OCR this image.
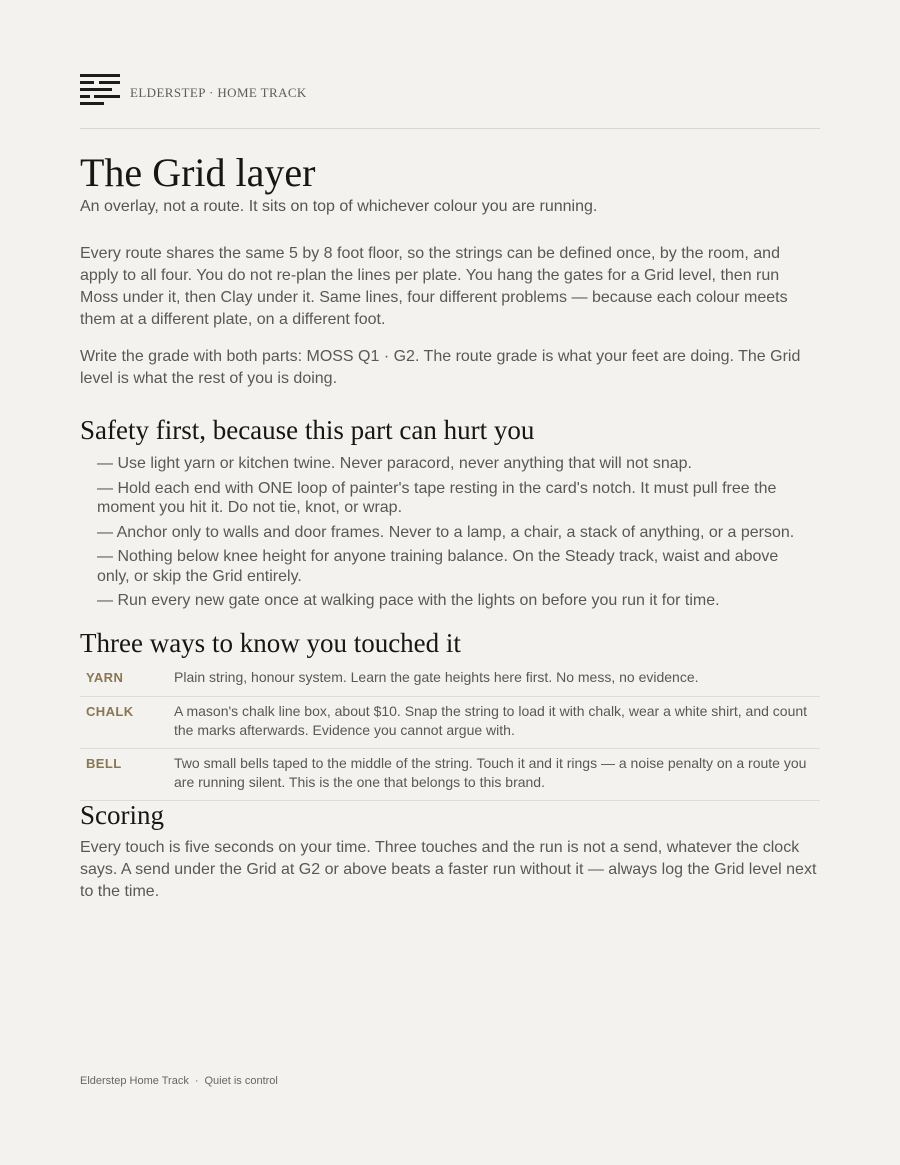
ELDERSTEP · HOME TRACK
The Grid layer
An overlay, not a route. It sits on top of whichever colour you are running.

Every route shares the same 5 by 8 foot floor, so the strings can be defined once, by the room, and apply to all four. You do not re-plan the lines per plate. You hang the gates for a Grid level, then run Moss under it, then Clay under it. Same lines, four different problems — because each colour meets them at a different plate, on a different foot.

Write the grade with both parts: MOSS Q1 · G2. The route grade is what your feet are doing. The Grid level is what the rest of you is doing.

Safety first, because this part can hurt you
— Use light yarn or kitchen twine. Never paracord, never anything that will not snap.
— Hold each end with ONE loop of painter's tape resting in the card's notch. It must pull free the moment you hit it. Do not tie, knot, or wrap.
— Anchor only to walls and door frames. Never to a lamp, a chair, a stack of anything, or a person.
— Nothing below knee height for anyone training balance. On the Steady track, waist and above only, or skip the Grid entirely.
— Run every new gate once at walking pace with the lights on before you run it for time.
Three ways to know you touched it
YARN	Plain string, honour system. Learn the gate heights here first. No mess, no evidence.
CHALK	A mason's chalk line box, about $10. Snap the string to load it with chalk, wear a white shirt, and count the marks afterwards. Evidence you cannot argue with.
BELL	Two small bells taped to the middle of the string. Touch it and it rings — a noise penalty on a route you are running silent. This is the one that belongs to this brand.
Scoring

Every touch is five seconds on your time. Three touches and the run is not a send, whatever the clock says. A send under the Grid at G2 or above beats a faster run without it — always log the Grid level next to the time.

Elderstep Home Track · Quiet is control
